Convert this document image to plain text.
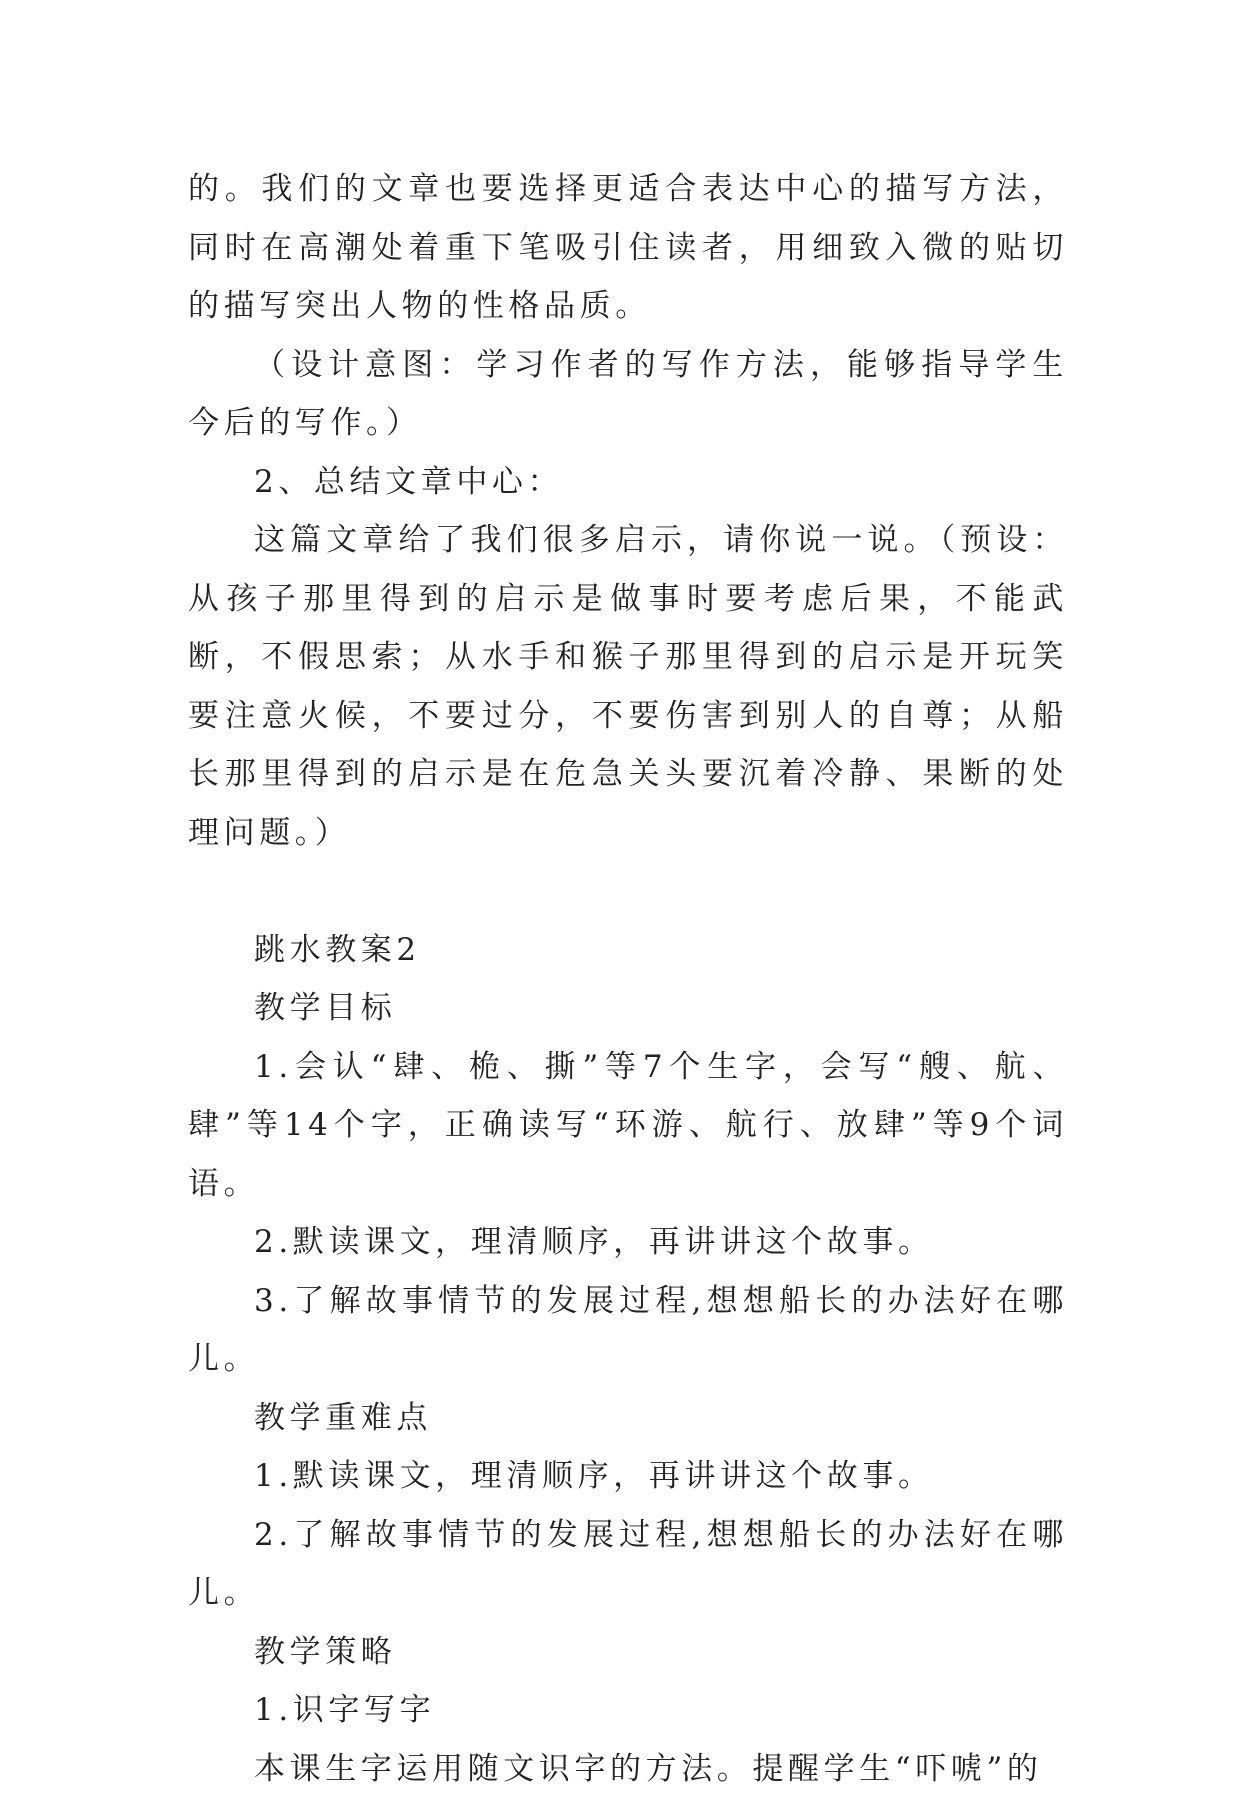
的。我们的文章也要选择更适合表达中心的描写方法，同时在高潮处着重下笔吸引住读者，用细致入微的贴切的描写突出人物的性格品质。

（设计意图：学习作者的写作方法，能够指导学生今后的写作。）

2、总结文章中心：

这篇文章给了我们很多启示，请你说一说。（预设：从孩子那里得到的启示是做事时要考虑后果，不能武断，不假思索；从水手和猴子那里得到的启示是开玩笑要注意火候，不要过分，不要伤害到别人的自尊；从船长那里得到的启示是在危急关头要沉着冷静、果断的处理问题。）

跳水教案2

教学目标

1.会认“肆、桅、撕”等7个生字，会写“艘、航、肆”等14个字，正确读写“环游、航行、放肆”等9个词语。

2.默读课文，理清顺序，再讲讲这个故事。

3.了解故事情节的发展过程,想想船长的办法好在哪儿。

教学重难点

1.默读课文，理清顺序，再讲讲这个故事。

2.了解故事情节的发展过程,想想船长的办法好在哪儿。

教学策略

1.识字写字

本课生字运用随文识字的方法。提醒学生“吓唬”的
